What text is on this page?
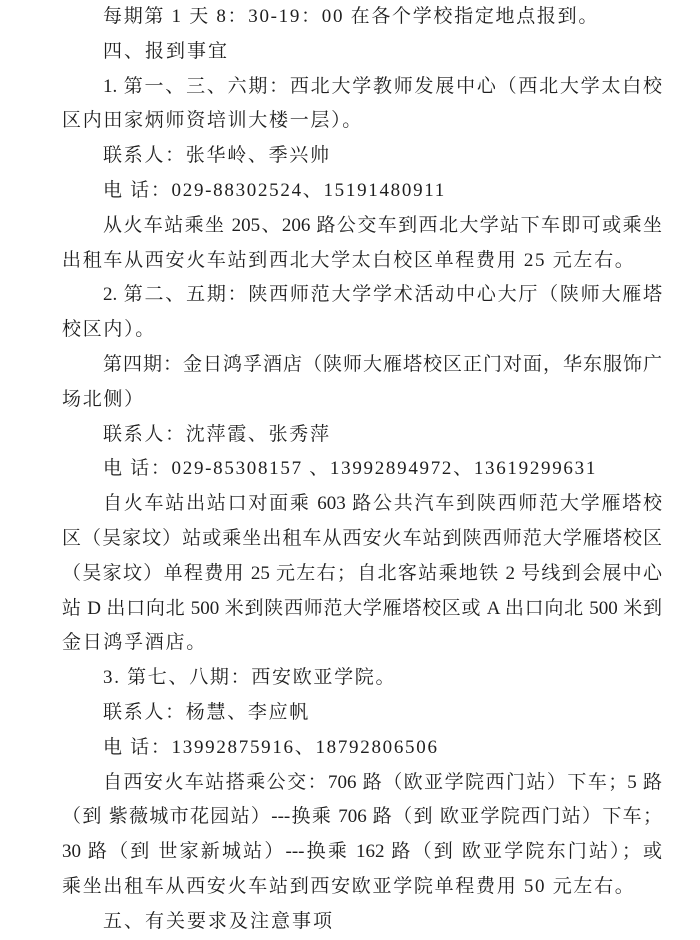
每期第 1 天 8：30-19：00 在各个学校指定地点报到。
四、报到事宜
1. 第一、三、六期：西北大学教师发展中心（西北大学太白校
区内田家炳师资培训大楼一层）。
联系人：张华岭、季兴帅
电 话：029-88302524、15191480911
从火车站乘坐 205、206 路公交车到西北大学站下车即可或乘坐
出租车从西安火车站到西北大学太白校区单程费用 25 元左右。
2. 第二、五期：陕西师范大学学术活动中心大厅（陕师大雁塔
校区内）。
第四期：金日鸿孚酒店（陕师大雁塔校区正门对面，华东服饰广
场北侧）
联系人：沈萍霞、张秀萍
电 话：029-85308157 、13992894972、13619299631
自火车站出站口对面乘 603 路公共汽车到陕西师范大学雁塔校
区（吴家坟）站或乘坐出租车从西安火车站到陕西师范大学雁塔校区
（吴家坟）单程费用 25 元左右；自北客站乘地铁 2 号线到会展中心
站 D 出口向北 500 米到陕西师范大学雁塔校区或 A 出口向北 500 米到
金日鸿孚酒店。
3. 第七、八期：西安欧亚学院。
联系人：杨慧、李应帆
电 话：13992875916、18792806506
自西安火车站搭乘公交：706 路（欧亚学院西门站）下车；5 路
（到 紫薇城市花园站）---换乘 706 路（到 欧亚学院西门站）下车；
30 路（到 世家新城站）---换乘 162 路（到 欧亚学院东门站）；或
乘坐出租车从西安火车站到西安欧亚学院单程费用 50 元左右。
五、有关要求及注意事项
